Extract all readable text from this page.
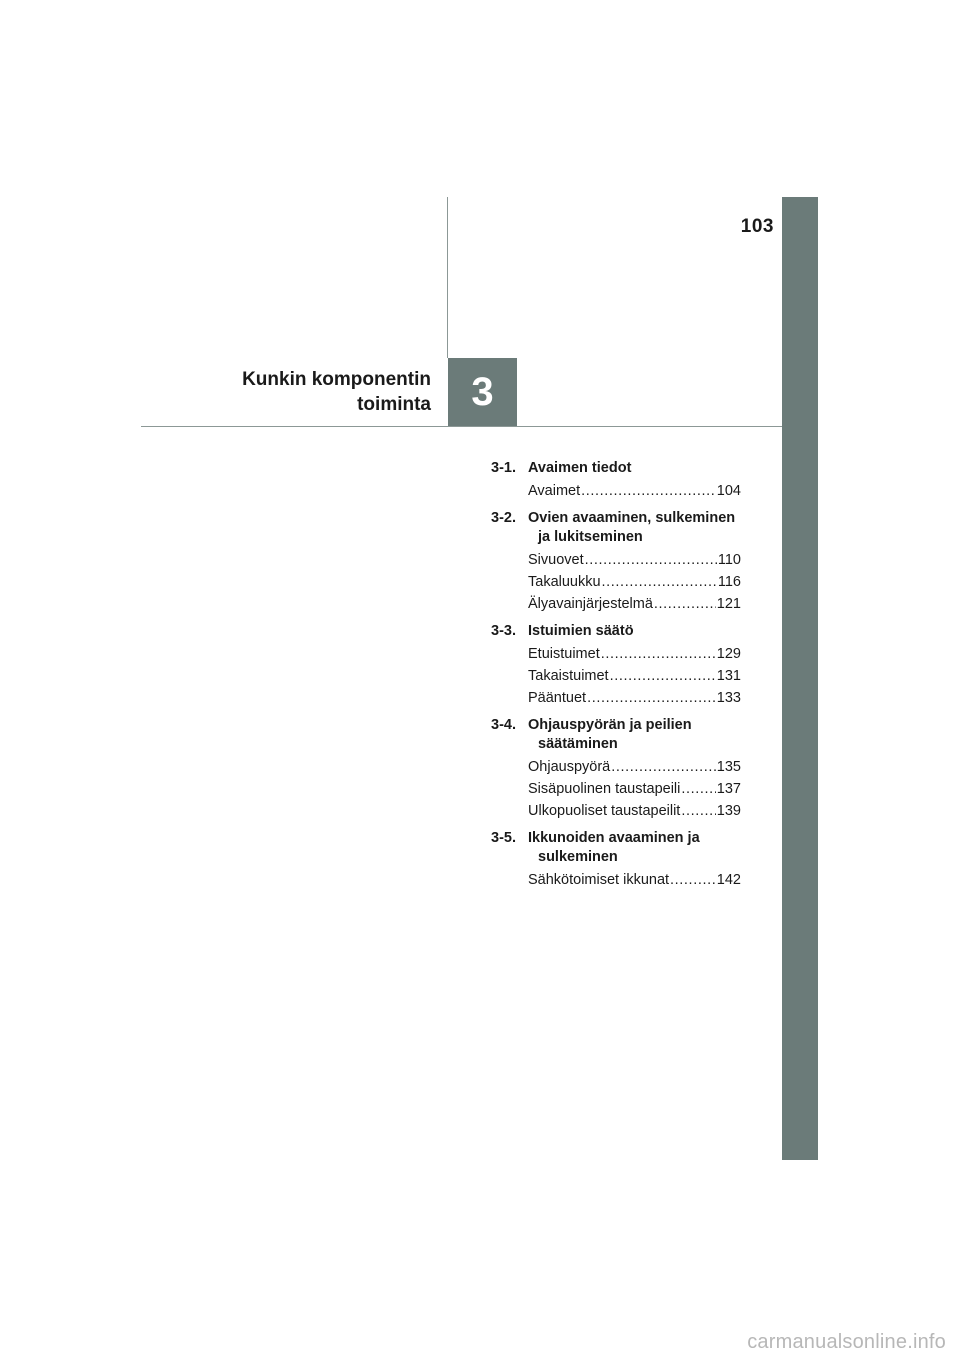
103
3
Kunkin komponentin
toiminta
3-1. Avaimen tiedot
Avaimet .....	104
3-2. Ovien avaaminen, sulkeminen ja lukitseminen
Sivuovet .....	110
Takaluukku .....	116
Älyavainjärjestelmä .....	121
3-3. Istuimien säätö
Etuistuimet .....	129
Takaistuimet .....	131
Pääntuet .....	133
3-4. Ohjauspyörän ja peilien säätäminen
Ohjauspyörä .....	135
Sisäpuolinen taustapeili .....	137
Ulkopuoliset taustapeilit .....	139
3-5. Ikkunoiden avaaminen ja sulkeminen
Sähkötoimiset ikkunat .....	142
carmanualsonline.info
